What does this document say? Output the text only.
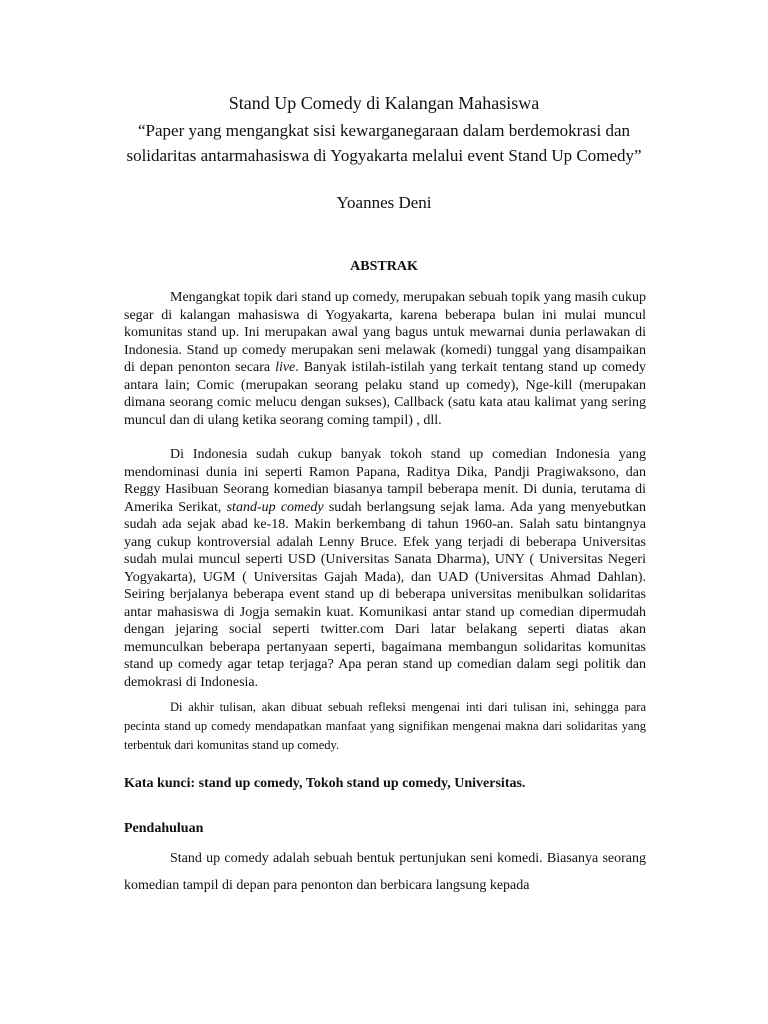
Stand Up Comedy di Kalangan Mahasiswa
“Paper yang mengangkat sisi kewarganegaraan dalam berdemokrasi dan
solidaritas antarmahasiswa di Yogyakarta melalui event Stand Up Comedy”
Yoannes Deni
ABSTRAK
Mengangkat topik dari stand up comedy, merupakan sebuah topik yang masih cukup segar di kalangan mahasiswa di Yogyakarta, karena beberapa bulan ini mulai muncul komunitas stand up. Ini merupakan awal yang bagus untuk mewarnai dunia perlawakan di Indonesia. Stand up comedy merupakan seni melawak (komedi) tunggal yang disampaikan di depan penonton secara live. Banyak istilah-istilah yang terkait tentang stand up comedy antara lain; Comic (merupakan seorang pelaku stand up comedy), Nge-kill (merupakan dimana seorang comic melucu dengan sukses), Callback (satu kata atau kalimat yang sering muncul dan di ulang ketika seorang coming tampil) , dll.
Di Indonesia sudah cukup banyak tokoh stand up comedian Indonesia yang mendominasi dunia ini seperti Ramon Papana, Raditya Dika, Pandji Pragiwaksono, dan Reggy Hasibuan Seorang komedian biasanya tampil beberapa menit. Di dunia, terutama di Amerika Serikat, stand-up comedy sudah berlangsung sejak lama. Ada yang menyebutkan sudah ada sejak abad ke-18. Makin berkembang di tahun 1960-an. Salah satu bintangnya yang cukup kontroversial adalah Lenny Bruce. Efek yang terjadi di beberapa Universitas sudah mulai muncul seperti USD (Universitas Sanata Dharma), UNY ( Universitas Negeri Yogyakarta), UGM ( Universitas Gajah Mada), dan UAD (Universitas Ahmad Dahlan). Seiring berjalanya beberapa event stand up di beberapa universitas menibulkan solidaritas antar mahasiswa di Jogja semakin kuat. Komunikasi antar stand up comedian dipermudah dengan jejaring social seperti twitter.com Dari latar belakang seperti diatas akan memunculkan beberapa pertanyaan seperti, bagaimana membangun solidaritas komunitas stand up comedy agar tetap terjaga? Apa peran stand up comedian dalam segi politik dan demokrasi di Indonesia.
Di akhir tulisan, akan dibuat sebuah refleksi mengenai inti dari tulisan ini, sehingga para pecinta stand up comedy mendapatkan manfaat yang signifikan mengenai makna dari solidaritas yang terbentuk dari komunitas stand up comedy.
Kata kunci: stand up comedy, Tokoh stand up comedy, Universitas.
Pendahuluan
Stand up comedy adalah sebuah bentuk pertunjukan seni komedi. Biasanya seorang komedian tampil di depan para penonton dan berbicara langsung kepada
